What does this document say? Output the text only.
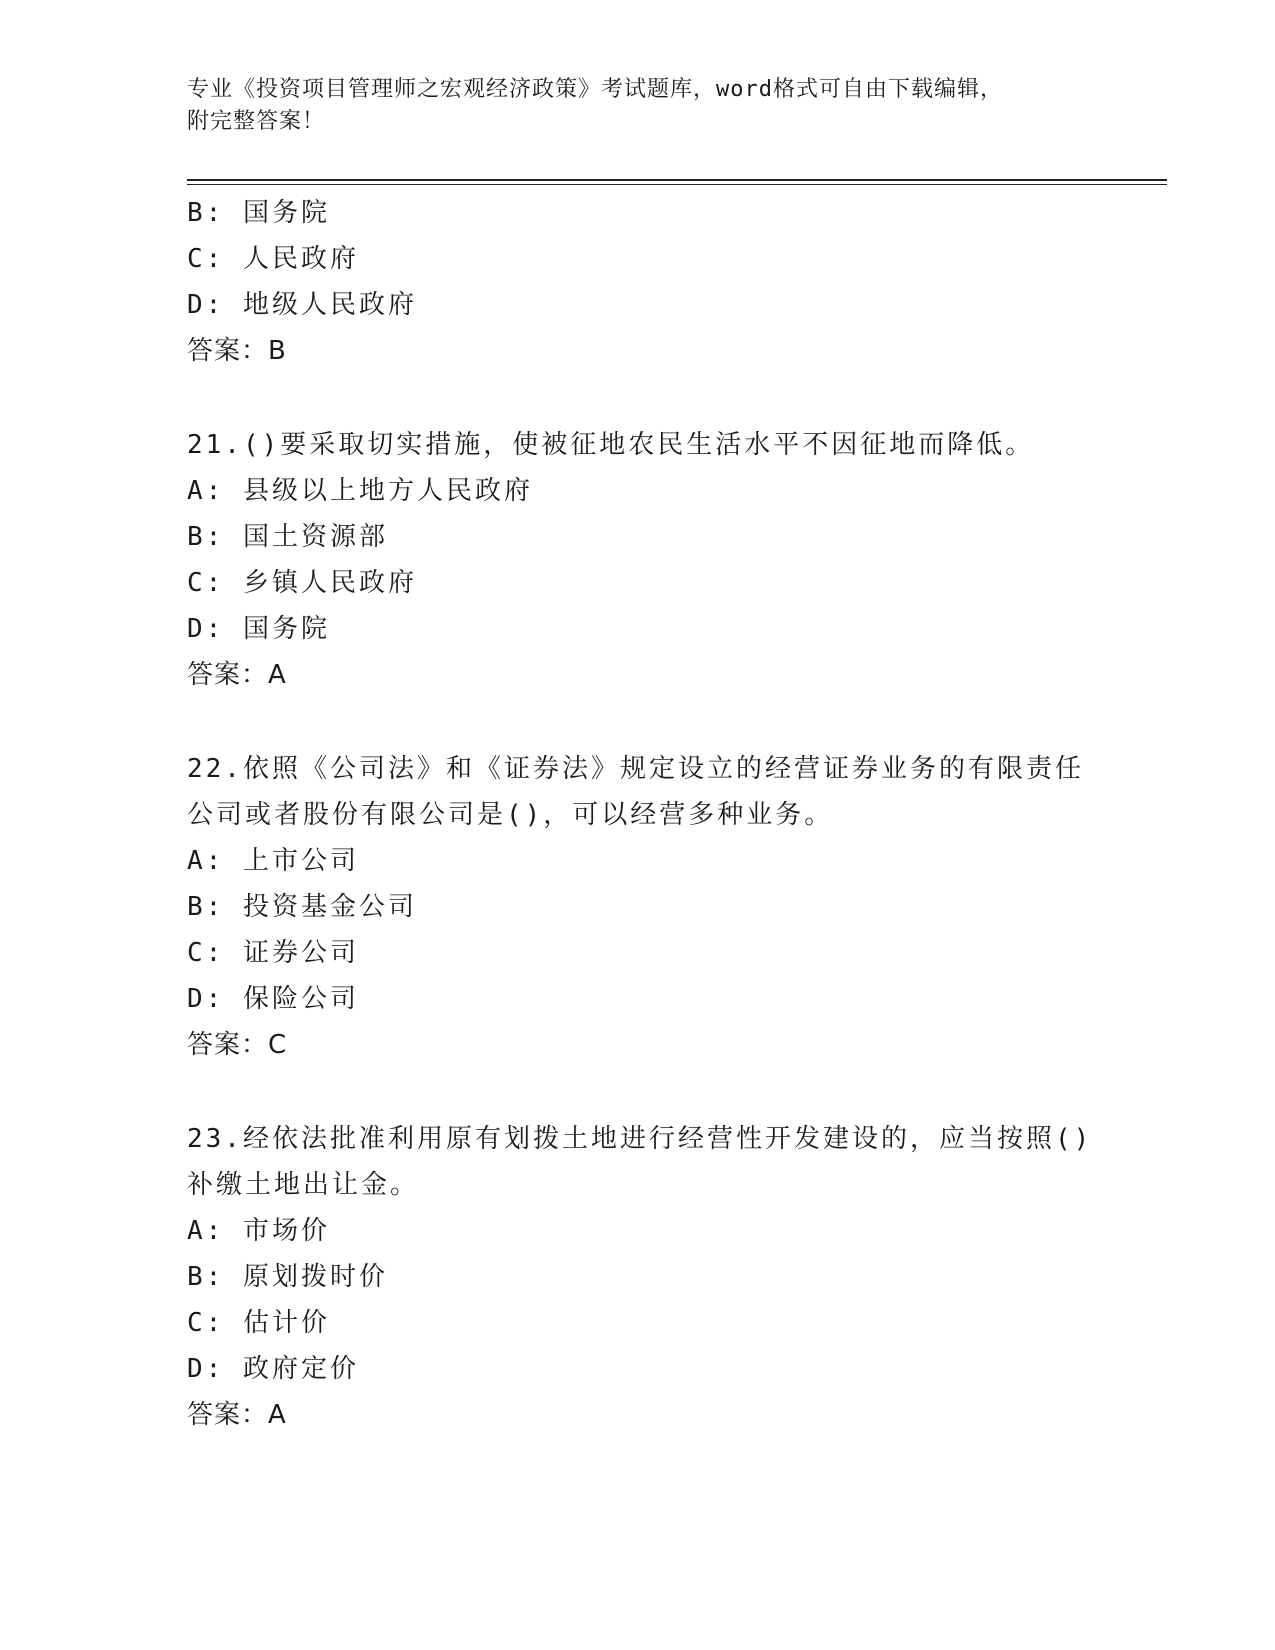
专业《投资项目管理师之宏观经济政策》考试题库，word格式可自由下载编辑，
附完整答案！
B: 国务院
C: 人民政府
D: 地级人民政府
答案：B
21.()要采取切实措施，使被征地农民生活水平不因征地而降低。
A: 县级以上地方人民政府
B: 国土资源部
C: 乡镇人民政府
D: 国务院
答案：A
22.依照《公司法》和《证券法》规定设立的经营证券业务的有限责任
公司或者股份有限公司是()，可以经营多种业务。
A: 上市公司
B: 投资基金公司
C: 证券公司
D: 保险公司
答案：C
23.经依法批准利用原有划拨土地进行经营性开发建设的，应当按照()
补缴土地出让金。
A: 市场价
B: 原划拨时价
C: 估计价
D: 政府定价
答案：A
